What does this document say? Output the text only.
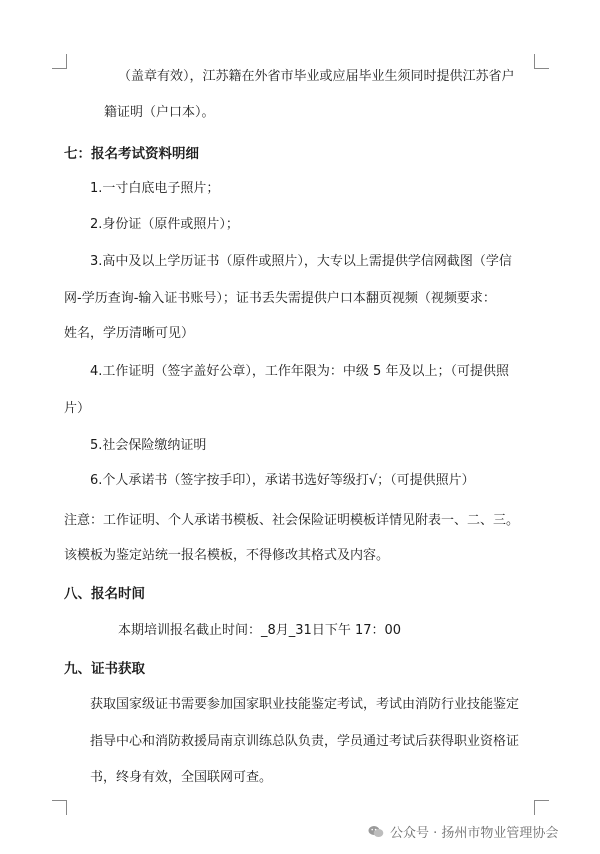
（盖章有效），江苏籍在外省市毕业或应届毕业生须同时提供江苏省户
籍证明（户口本）。
七：报名考试资料明细
1.一寸白底电子照片；
2.身份证（原件或照片）；
3.高中及以上学历证书（原件或照片），大专以上需提供学信网截图（学信
网-学历查询-输入证书账号）；证书丢失需提供户口本翻页视频（视频要求：
姓名，学历清晰可见）
4.工作证明（签字盖好公章），工作年限为：中级 5 年及以上；（可提供照
片）
5.社会保险缴纳证明
6.个人承诺书（签字按手印），承诺书选好等级打√；（可提供照片）
注意：工作证明、个人承诺书模板、社会保险证明模板详情见附表一、二、三。
该模板为鉴定站统一报名模板，不得修改其格式及内容。
八、报名时间
本期培训报名截止时间：_8月_31日下午 17：00
九、证书获取
获取国家级证书需要参加国家职业技能鉴定考试，考试由消防行业技能鉴定
指导中心和消防救援局南京训练总队负责，学员通过考试后获得职业资格证
书，终身有效，全国联网可查。
公众号 · 扬州市物业管理协会
